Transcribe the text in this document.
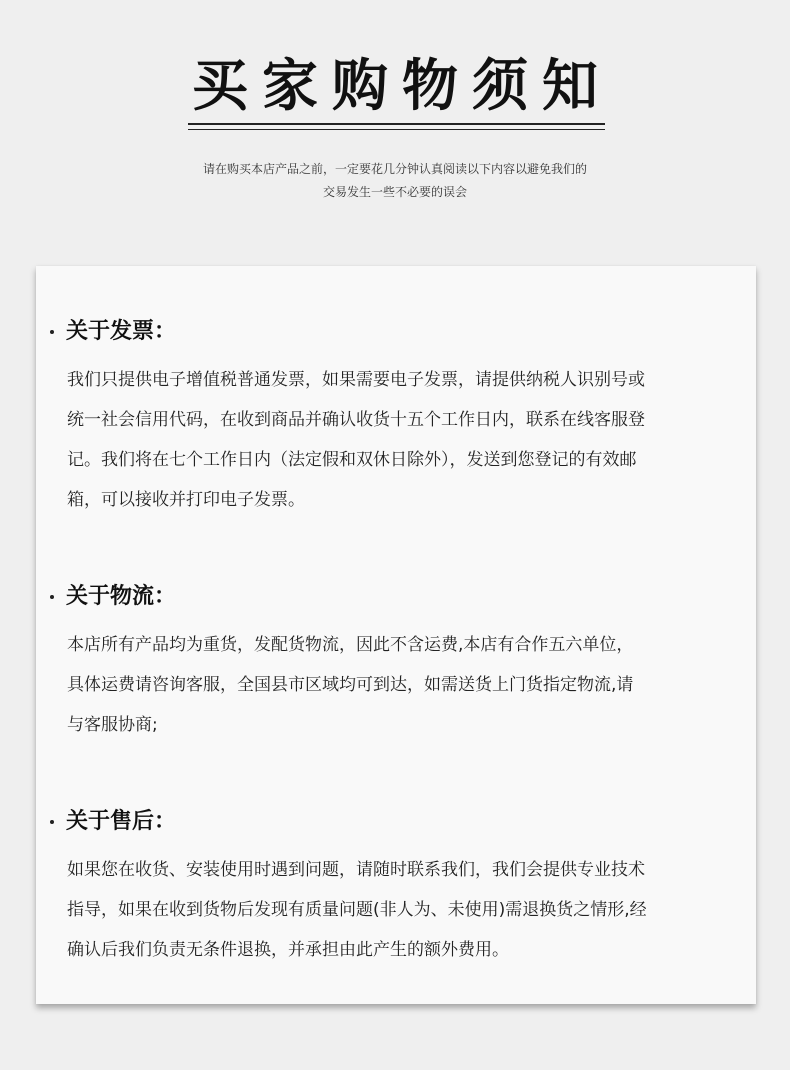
买家购物须知
请在购买本店产品之前，一定要花几分钟认真阅读以下内容以避免我们的
交易发生一些不必要的误会
关于发票：
我们只提供电子增值税普通发票，如果需要电子发票，请提供纳税人识别号或
统一社会信用代码，在收到商品并确认收货十五个工作日内，联系在线客服登
记。我们将在七个工作日内（法定假和双休日除外），发送到您登记的有效邮
箱，可以接收并打印电子发票。
关于物流：
本店所有产品均为重货，发配货物流，因此不含运费,本店有合作五六单位，
具体运费请咨询客服，全国县市区域均可到达，如需送货上门货指定物流,请
与客服协商;
关于售后：
如果您在收货、安装使用时遇到问题，请随时联系我们，我们会提供专业技术
指导，如果在收到货物后发现有质量问题(非人为、未使用)需退换货之情形,经
确认后我们负责无条件退换，并承担由此产生的额外费用。
